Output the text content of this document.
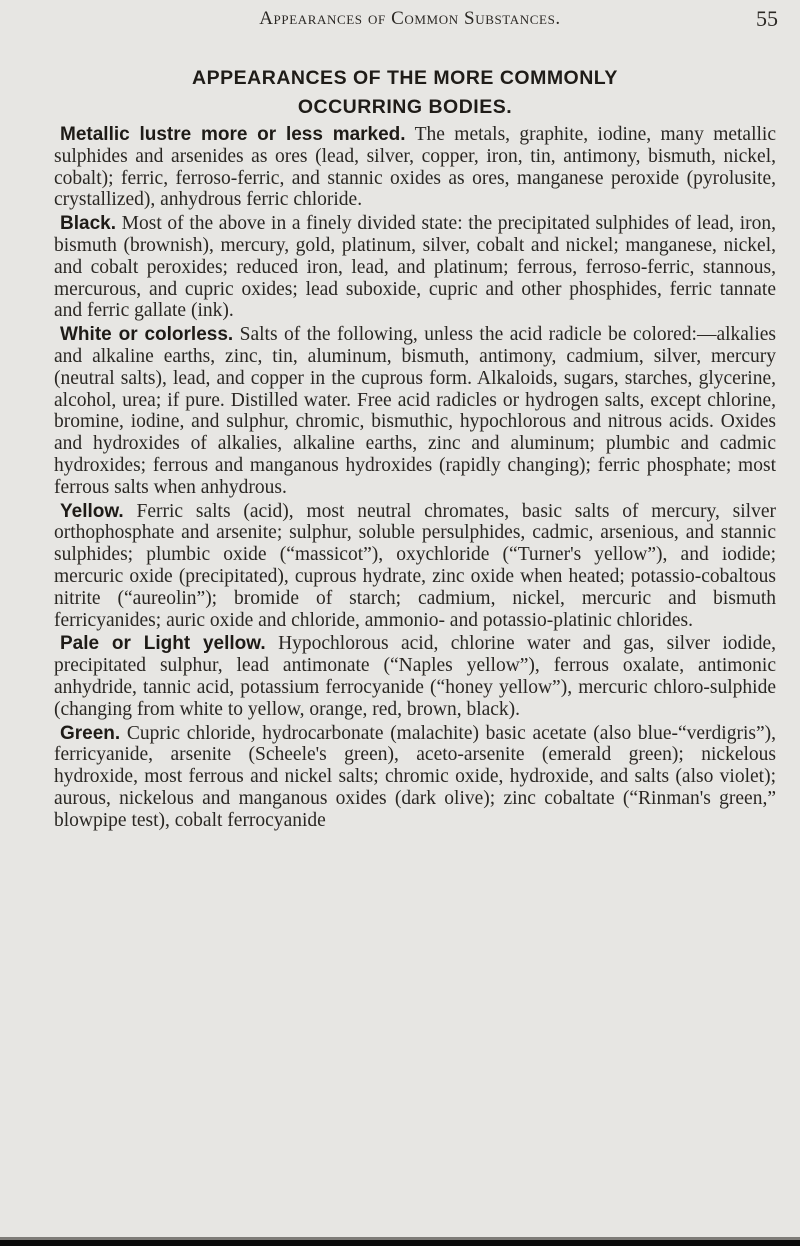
Appearances of Common Substances.	55
APPEARANCES OF THE MORE COMMONLY
OCCURRING BODIES.

Metallic lustre more or less marked. The metals, graphite, iodine, many metallic sulphides and arsenides as ores (lead, silver, copper, iron, tin, antimony, bismuth, nickel, cobalt); ferric, ferroso-ferric, and stannic oxides as ores, manganese peroxide (pyrolusite, crystallized), anhydrous ferric chloride.

Black. Most of the above in a finely divided state: the precipitated sulphides of lead, iron, bismuth (brownish), mercury, gold, platinum, silver, cobalt and nickel; manganese, nickel, and cobalt peroxides; reduced iron, lead, and platinum; ferrous, ferroso-ferric, stannous, mercurous, and cupric oxides; lead suboxide, cupric and other phosphides, ferric tannate and ferric gallate (ink).

White or colorless. Salts of the following, unless the acid radicle be colored:—alkalies and alkaline earths, zinc, tin, aluminum, bismuth, antimony, cadmium, silver, mercury (neutral salts), lead, and copper in the cuprous form. Alkaloids, sugars, starches, glycerine, alcohol, urea; if pure. Distilled water. Free acid radicles or hydrogen salts, except chlorine, bromine, iodine, and sulphur, chromic, bismuthic, hypochlorous and nitrous acids. Oxides and hydroxides of alkalies, alkaline earths, zinc and aluminum; plumbic and cadmic hydroxides; ferrous and manganous hydroxides (rapidly changing); ferric phosphate; most ferrous salts when anhydrous.

Yellow. Ferric salts (acid), most neutral chromates, basic salts of mercury, silver orthophosphate and arsenite; sulphur, soluble persulphides, cadmic, arsenious, and stannic sulphides; plumbic oxide (“massicot”), oxychloride (“Turner's yellow”), and iodide; mercuric oxide (precipitated), cuprous hydrate, zinc oxide when heated; potassio-cobaltous nitrite (“aureolin”); bromide of starch; cadmium, nickel, mercuric and bismuth ferricyanides; auric oxide and chloride, ammonio- and potassio-platinic chlorides.

Pale or Light yellow. Hypochlorous acid, chlorine water and gas, silver iodide, precipitated sulphur, lead antimonate (“Naples yellow”), ferrous oxalate, antimonic anhydride, tannic acid, potassium ferrocyanide (“honey yellow”), mercuric chloro-sulphide (changing from white to yellow, orange, red, brown, black).

Green. Cupric chloride, hydrocarbonate (malachite) basic acetate (also blue-“verdigris”), ferricyanide, arsenite (Scheele's green), aceto-arsenite (emerald green); nickelous hydroxide, most ferrous and nickel salts; chromic oxide, hydroxide, and salts (also violet); aurous, nickelous and manganous oxides (dark olive); zinc cobaltate (“Rinman's green,” blowpipe test), cobalt ferrocyanide
